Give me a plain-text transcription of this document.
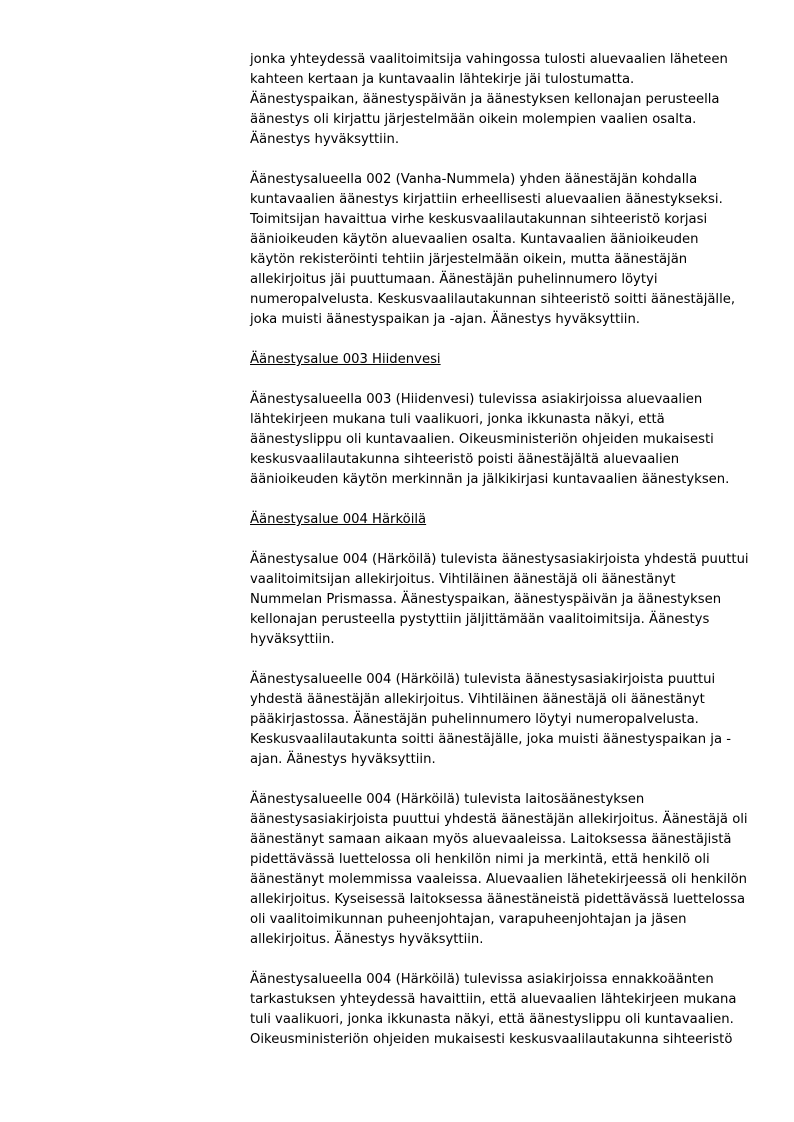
jonka yhteydessä vaalitoimitsija vahingossa tulosti aluevaalien läheteen
kahteen kertaan ja kuntavaalin lähtekirje jäi tulostumatta.
Äänestyspaikan, äänestyspäivän ja äänestyksen kellonajan perusteella
äänestys oli kirjattu järjestelmään oikein molempien vaalien osalta.
Äänestys hyväksyttiin.
Äänestysalueella 002 (Vanha-Nummela) yhden äänestäjän kohdalla
kuntavaalien äänestys kirjattiin erheellisesti aluevaalien äänestykseksi.
Toimitsijan havaittua virhe keskusvaalilautakunnan sihteeristö korjasi
äänioikeuden käytön aluevaalien osalta. Kuntavaalien äänioikeuden
käytön rekisteröinti tehtiin järjestelmään oikein, mutta äänestäjän
allekirjoitus jäi puuttumaan. Äänestäjän puhelinnumero löytyi
numeropalvelusta. Keskusvaalilautakunnan sihteeristö soitti äänestäjälle,
joka muisti äänestyspaikan ja -ajan. Äänestys hyväksyttiin.
Äänestysalue 003 Hiidenvesi
Äänestysalueella 003 (Hiidenvesi) tulevissa asiakirjoissa aluevaalien
lähtekirjeen mukana tuli vaalikuori, jonka ikkunasta näkyi, että
äänestyslippu oli kuntavaalien. Oikeusministeriön ohjeiden mukaisesti
keskusvaalilautakunna sihteeristö poisti äänestäjältä aluevaalien
äänioikeuden käytön merkinnän ja jälkikirjasi kuntavaalien äänestyksen.
Äänestysalue 004 Härköilä
Äänestysalue 004 (Härköilä) tulevista äänestysasiakirjoista yhdestä puuttui
vaalitoimitsijan allekirjoitus. Vihtiläinen äänestäjä oli äänestänyt
Nummelan Prismassa. Äänestyspaikan, äänestyspäivän ja äänestyksen
kellonajan perusteella pystyttiin jäljittämään vaalitoimitsija. Äänestys
hyväksyttiin.
Äänestysalueelle 004 (Härköilä) tulevista äänestysasiakirjoista puuttui
yhdestä äänestäjän allekirjoitus. Vihtiläinen äänestäjä oli äänestänyt
pääkirjastossa. Äänestäjän puhelinnumero löytyi numeropalvelusta.
Keskusvaalilautakunta soitti äänestäjälle, joka muisti äänestyspaikan ja -
ajan. Äänestys hyväksyttiin.
Äänestysalueelle 004 (Härköilä) tulevista laitosäänestyksen
äänestysasiakirjoista puuttui yhdestä äänestäjän allekirjoitus. Äänestäjä oli
äänestänyt samaan aikaan myös aluevaaleissa. Laitoksessa äänestäjistä
pidettävässä luettelossa oli henkilön nimi ja merkintä, että henkilö oli
äänestänyt molemmissa vaaleissa. Aluevaalien lähetekirjeessä oli henkilön
allekirjoitus. Kyseisessä laitoksessa äänestäneistä pidettävässä luettelossa
oli vaalitoimikunnan puheenjohtajan, varapuheenjohtajan ja jäsen
allekirjoitus. Äänestys hyväksyttiin.
Äänestysalueella 004 (Härköilä) tulevissa asiakirjoissa ennakkoäänten
tarkastuksen yhteydessä havaittiin, että aluevaalien lähtekirjeen mukana
tuli vaalikuori, jonka ikkunasta näkyi, että äänestyslippu oli kuntavaalien.
Oikeusministeriön ohjeiden mukaisesti keskusvaalilautakunna sihteeristö
